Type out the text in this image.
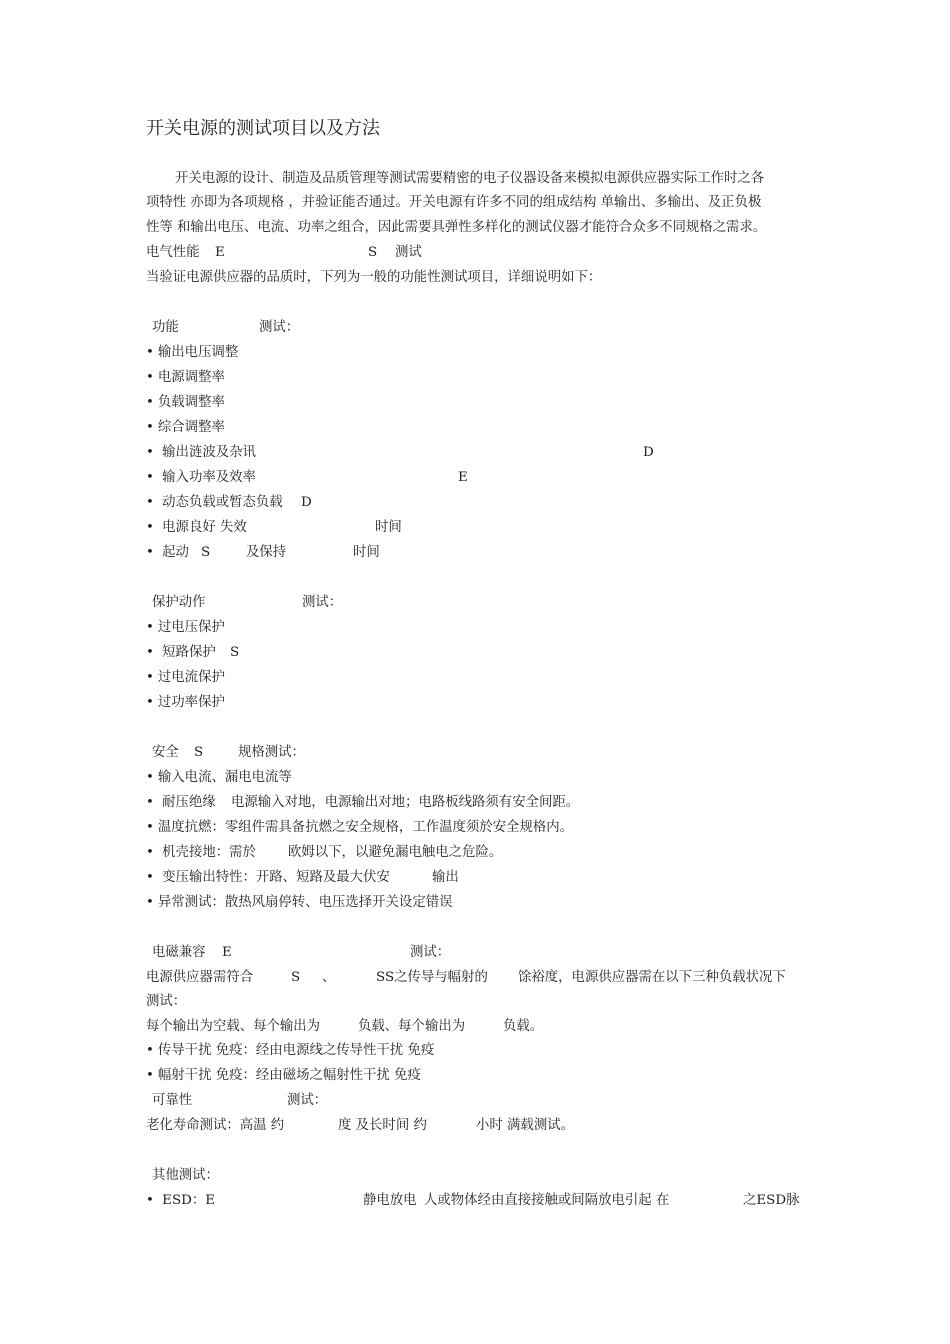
开关电源的测试项目以及方法
开关电源的设计、制造及品质管理等测试需要精密的电子仪器设备来模拟电源供应器实际工作时之各
项特性 亦即为各项规格 ，并验证能否通过。开关电源有许多不同的组成结构 单输出、多输出、及正负极
性等 和输出电压、电流、功率之组合，因此需要具弹性多样化的测试仪器才能符合众多不同规格之需求。
电气性能 E	S 测试
当验证电源供应器的品质时，下列为一般的功能性测试项目，详细说明如下：
功能	测试：
• 输出电压调整
• 电源调整率
• 负载调整率
• 综合调整率
• 输出涟波及杂讯	D
• 输入功率及效率	E
• 动态负载或暂态负载 D
• 电源良好 失效	时间
• 起动 S	及保持	时间
保护动作	测试：
• 过电压保护
• 短路保护 S
• 过电流保护
• 过功率保护
安全 S	规格测试：
• 输入电流、漏电电流等
• 耐压绝缘 电源输入对地，电源输出对地；电路板线路须有安全间距。
• 温度抗燃：零组件需具备抗燃之安全规格，工作温度须於安全规格内。
• 机壳接地：需於 欧姆以下，以避免漏电触电之危险。
• 变压输出特性：开路、短路及最大伏安	输出
• 异常测试：散热风扇停转、电压选择开关设定错误
电磁兼容 E	测试：
电源供应器需符合	S 、	SS之传导与幅射的 馀裕度，电源供应器需在以下三种负载状况下
测试：
每个输出为空载、每个输出为	负载、每个输出为	负载。
• 传导干扰 免疫：经由电源线之传导性干扰 免疫
• 幅射干扰 免疫：经由磁场之幅射性干扰 免疫
可靠性	测试：
老化寿命测试：高温 约	度 及长时间 约	小时 满载测试。
其他测试：
• ESD：E	静电放电 人或物体经由直接接触或间隔放电引起 在	之ESD脉
